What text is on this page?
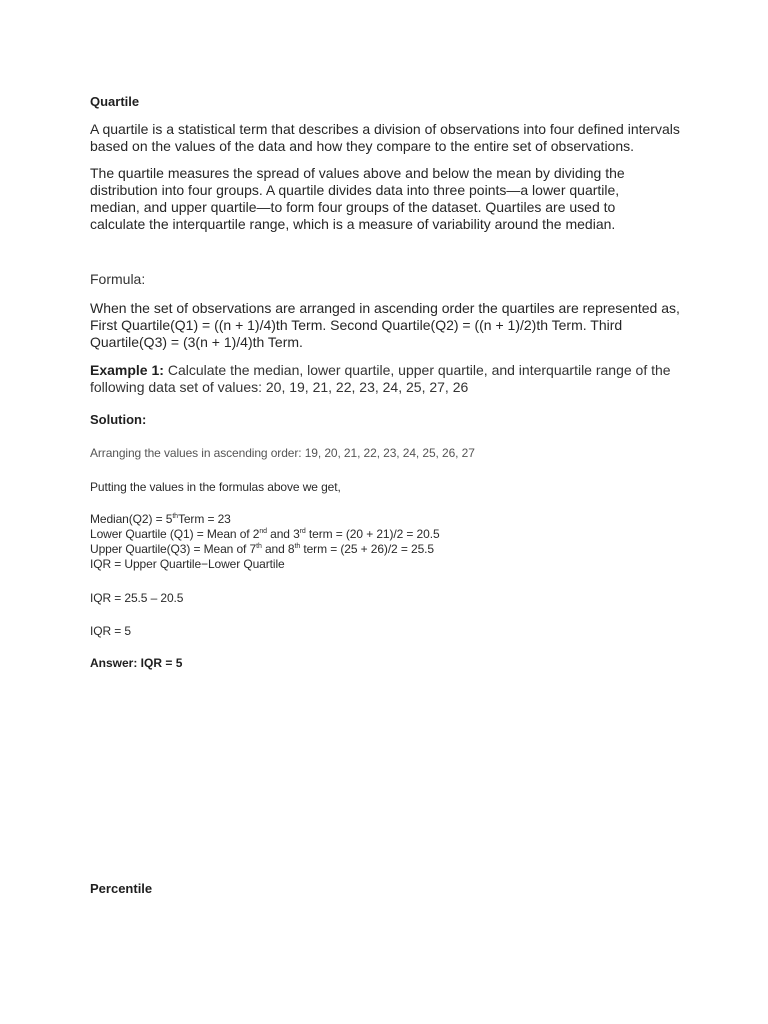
Quartile

A quartile is a statistical term that describes a division of observations into four defined intervals based on the values of the data and how they compare to the entire set of observations.

The quartile measures the spread of values above and below the mean by dividing the distribution into four groups. A quartile divides data into three points—a lower quartile, median, and upper quartile—to form four groups of the dataset. Quartiles are used to calculate the interquartile range, which is a measure of variability around the median.

Formula:

When the set of observations are arranged in ascending order the quartiles are represented as, First Quartile(Q1) = ((n + 1)/4)th Term. Second Quartile(Q2) = ((n + 1)/2)th Term. Third Quartile(Q3) = (3(n + 1)/4)th Term.

Example 1: Calculate the median, lower quartile, upper quartile, and interquartile range of the following data set of values: 20, 19, 21, 22, 23, 24, 25, 27, 26

Solution:
Arranging the values in ascending order: 19, 20, 21, 22, 23, 24, 25, 26, 27
Putting the values in the formulas above we get,
Median(Q2) = 5thTerm = 23
Lower Quartile (Q1) = Mean of 2nd and 3rd term = (20 + 21)/2 = 20.5
Upper Quartile(Q3) = Mean of 7th and 8th term = (25 + 26)/2 = 25.5
IQR = Upper Quartile−Lower Quartile
IQR = 25.5 – 20.5
IQR = 5
Answer: IQR = 5
Percentile
